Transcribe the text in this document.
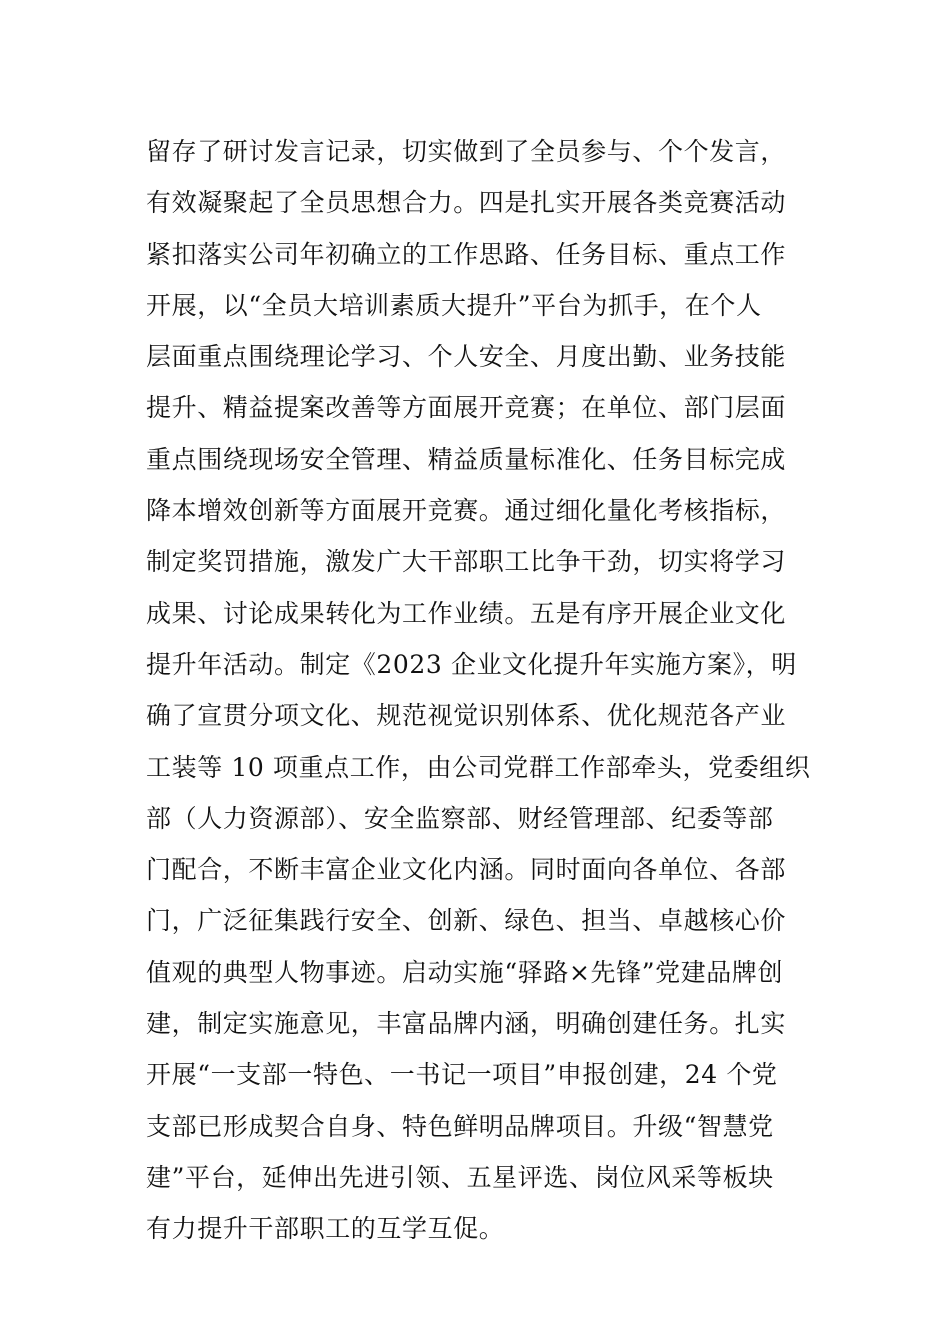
留存了研讨发言记录，切实做到了全员参与、个个发言，
有效凝聚起了全员思想合力。四是扎实开展各类竞赛活动
紧扣落实公司年初确立的工作思路、任务目标、重点工作
开展，以“全员大培训素质大提升”平台为抓手，在个人
层面重点围绕理论学习、个人安全、月度出勤、业务技能
提升、精益提案改善等方面展开竞赛；在单位、部门层面
重点围绕现场安全管理、精益质量标准化、任务目标完成
降本增效创新等方面展开竞赛。通过细化量化考核指标，
制定奖罚措施，激发广大干部职工比争干劲，切实将学习
成果、讨论成果转化为工作业绩。五是有序开展企业文化
提升年活动。制定《2023 企业文化提升年实施方案》，明
确了宣贯分项文化、规范视觉识别体系、优化规范各产业
工装等 10 项重点工作，由公司党群工作部牵头，党委组织
部（人力资源部）、安全监察部、财经管理部、纪委等部
门配合，不断丰富企业文化内涵。同时面向各单位、各部
门，广泛征集践行安全、创新、绿色、担当、卓越核心价
值观的典型人物事迹。启动实施“驿路×先锋”党建品牌创
建，制定实施意见，丰富品牌内涵，明确创建任务。扎实
开展“一支部一特色、一书记一项目”申报创建，24 个党
支部已形成契合自身、特色鲜明品牌项目。升级“智慧党
建”平台，延伸出先进引领、五星评选、岗位风采等板块
有力提升干部职工的互学互促。
